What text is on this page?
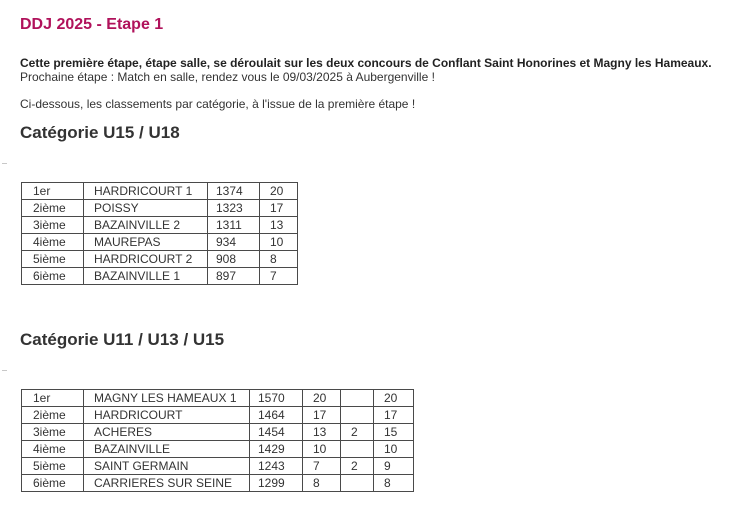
DDJ 2025 - Etape 1
Cette première étape, étape salle, se déroulait sur les deux concours de Conflant Saint Honorines et Magny les Hameaux.
Prochaine étape : Match en salle, rendez vous le 09/03/2025 à Aubergenville !
Ci-dessous, les classements par catégorie, à l'issue de la première étape !
Catégorie U15 / U18
1er	HARDRICOURT 1	1374	20
2ième	POISSY	1323	17
3ième	BAZAINVILLE 2	1311	13
4ième	MAUREPAS	934	10
5ième	HARDRICOURT 2	908	8
6ième	BAZAINVILLE 1	897	7
Catégorie U11 / U13 / U15
1er	MAGNY LES HAMEAUX 1	1570	20		20
2ième	HARDRICOURT	1464	17		17
3ième	ACHERES	1454	13	2	15
4ième	BAZAINVILLE	1429	10		10
5ième	SAINT GERMAIN	1243	7	2	9
6ième	CARRIERES SUR SEINE	1299	8		8
